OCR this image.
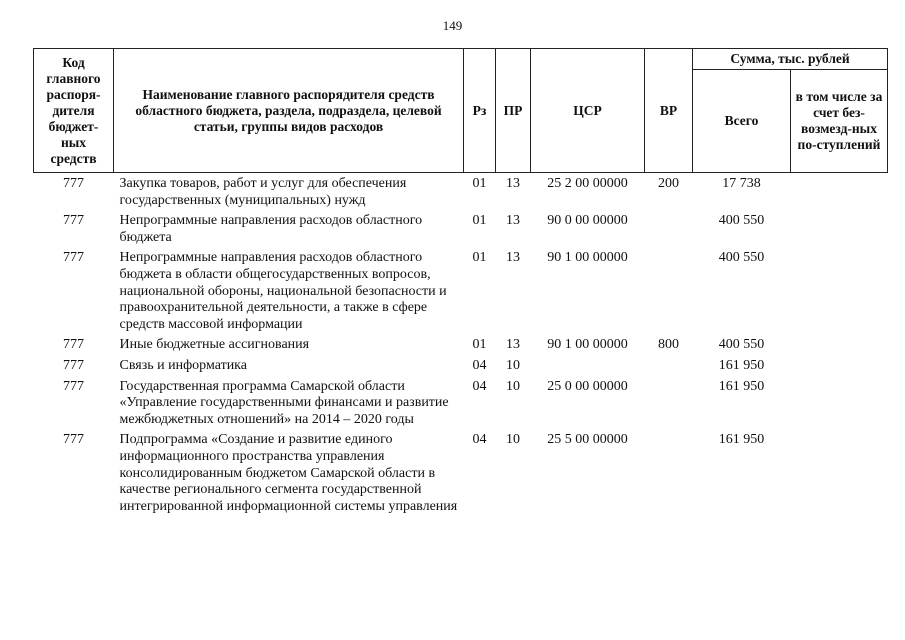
149
Код главного распоря-дителя бюджет-ных средств	Наименование главного распорядителя средств областного бюджета, раздела, подраздела, целевой статьи, группы видов расходов	Рз	ПР	ЦСР	ВР	Сумма, тыс. рублей	
						Всего	в том числе за счет без-возмезд-ных по-ступлений
777	Закупка товаров, работ и услуг для обеспечения государственных (муниципальных) нужд	01	13	25 2 00 00000	200	17 738	
777	Непрограммные направления расходов областного бюджета	01	13	90 0 00 00000		400 550	
777	Непрограммные направления расходов областного бюджета в области общегосударственных вопросов, национальной обороны, национальной безопасности и правоохранительной деятельности, а также в сфере средств массовой информации	01	13	90 1 00 00000		400 550	
777	Иные бюджетные ассигнования	01	13	90 1 00 00000	800	400 550	
777	Связь и информатика	04	10			161 950	
777	Государственная программа Самарской области «Управление государственными финансами и развитие межбюджетных отношений» на 2014 – 2020 годы	04	10	25 0 00 00000		161 950	
777	Подпрограмма «Создание и развитие единого информационного пространства управления консолидированным бюджетом Самарской области в качестве регионального сегмента государственной интегрированной информационной системы управления	04	10	25 5 00 00000		161 950	
